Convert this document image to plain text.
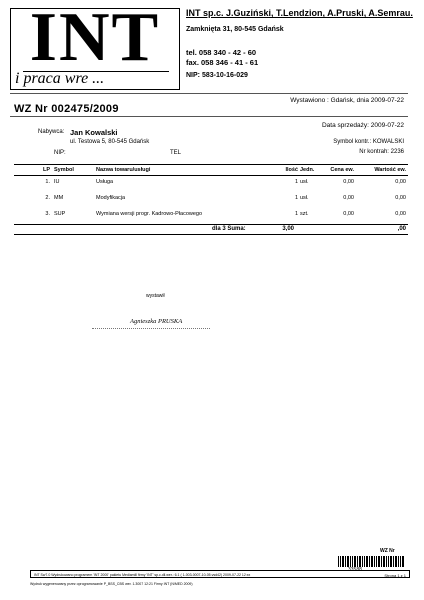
INT
i praca wre ...
INT sp.c. J.Guziński, T.Lendzion, A.Pruski, A.Semrau.
Zamknięta 31, 80-545 Gdańsk
tel. 058 340 - 42 - 60
fax. 058 346 - 41 - 61
NIP: 583-10-16-029
Wystawiono : Gdańsk, dnia 2009-07-22
WZ Nr 002475/2009
Data sprzedaży: 2009-07-22
Nabywca: Jan Kowalski
ul. Testowa 5, 80-545 Gdańsk
NIP:	TEL
Symbol kontr.: KOWALSKI
Nr kontrah: 2236
LP Symbol	Nazwa towaru/usługi	Ilość Jedn.	Cena ew.	Wartość ew.
1. IU	Usługa	1 usł.	0,00	0,00
2. MM	Modyfikacja	1 usł.	0,00	0,00
3. SUP	Wymiana wersji progr. Kadrowo-Płacowego	1 szt.	0,00	0,00
dla 3 Suma:	3,00	,00
wystawił
Agnieszka PRUSKA
WZ Nr
33588
INT Sw7.0 Wydrukowano programem 'INT 2000' pakietu Mediamill firmy 'INT' sp.c.dll.wer.: 6.1 ( 1-003-0007-10-05.vsd42) 2009-07-22 12:xx	Strona 1 z 1
Wydruk wygenerowany przez oprogramowanie P_BSS_CBS wer. 1.3007 12:21 Firmy INT (N/MED 2009)
